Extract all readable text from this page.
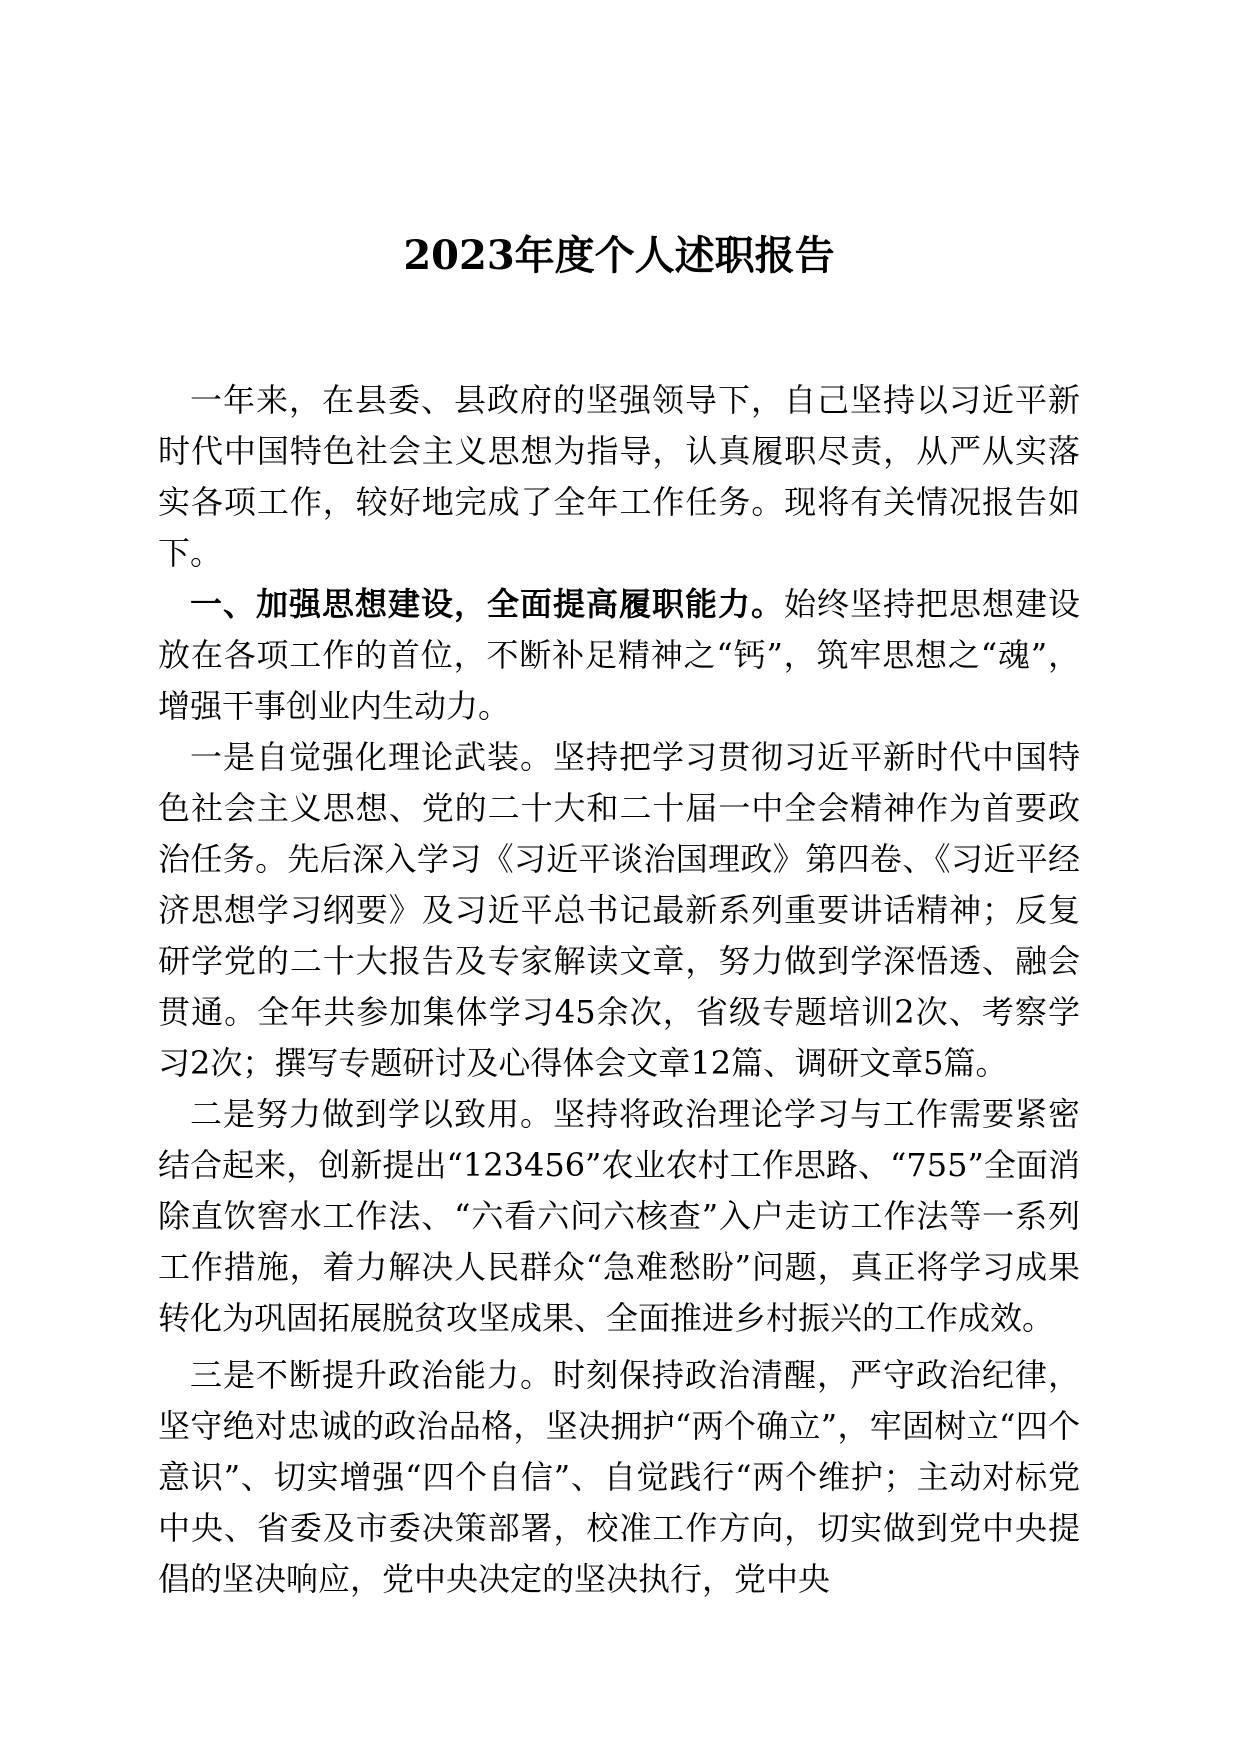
2023年度个人述职报告

一年来，在县委、县政府的坚强领导下，自己坚持以习近平新时代中国特色社会主义思想为指导，认真履职尽责，从严从实落实各项工作，较好地完成了全年工作任务。现将有关情况报告如下。

一、加强思想建设，全面提高履职能力。始终坚持把思想建设放在各项工作的首位，不断补足精神之“钙”，筑牢思想之“魂”，增强干事创业内生动力。

一是自觉强化理论武装。坚持把学习贯彻习近平新时代中国特色社会主义思想、党的二十大和二十届一中全会精神作为首要政治任务。先后深入学习《习近平谈治国理政》第四卷、《习近平经济思想学习纲要》及习近平总书记最新系列重要讲话精神；反复研学党的二十大报告及专家解读文章，努力做到学深悟透、融会贯通。全年共参加集体学习45余次，省级专题培训2次、考察学习2次；撰写专题研讨及心得体会文章12篇、调研文章5篇。

二是努力做到学以致用。坚持将政治理论学习与工作需要紧密结合起来，创新提出“123456”农业农村工作思路、“755”全面消除直饮窖水工作法、“六看六问六核查”入户走访工作法等一系列工作措施，着力解决人民群众“急难愁盼”问题，真正将学习成果转化为巩固拓展脱贫攻坚成果、全面推进乡村振兴的工作成效。

三是不断提升政治能力。时刻保持政治清醒，严守政治纪律，坚守绝对忠诚的政治品格，坚决拥护“两个确立”，牢固树立“四个意识”、切实增强“四个自信”、自觉践行“两个维护；主动对标党中央、省委及市委决策部署，校准工作方向，切实做到党中央提倡的坚决响应，党中央决定的坚决执行，党中央
